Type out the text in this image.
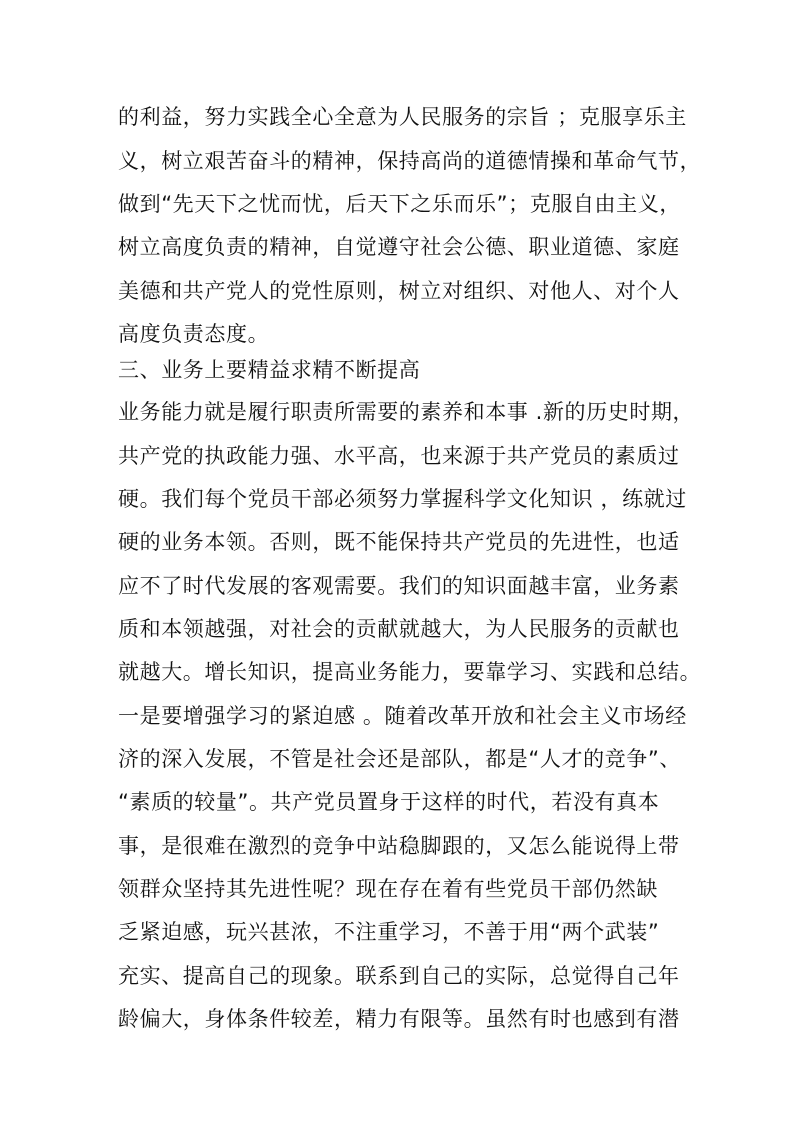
的利益，努力实践全心全意为人民服务的宗旨 ；克服享乐主
义，树立艰苦奋斗的精神，保持高尚的道德情操和革命气节，
做到“先天下之忧而忧，后天下之乐而乐”；克服自由主义，
树立高度负责的精神，自觉遵守社会公德、职业道德、家庭
美德和共产党人的党性原则，树立对组织、对他人、对个人
高度负责态度。
三、业务上要精益求精不断提高
业务能力就是履行职责所需要的素养和本事 .新的历史时期，
共产党的执政能力强、水平高，也来源于共产党员的素质过
硬。我们每个党员干部必须努力掌握科学文化知识 ，练就过
硬的业务本领。否则，既不能保持共产党员的先进性，也适
应不了时代发展的客观需要。我们的知识面越丰富，业务素
质和本领越强，对社会的贡献就越大，为人民服务的贡献也
就越大。增长知识，提高业务能力，要靠学习、实践和总结。
一是要增强学习的紧迫感 。随着改革开放和社会主义市场经
济的深入发展，不管是社会还是部队，都是“人才的竞争”、
“素质的较量”。共产党员置身于这样的时代，若没有真本
事，是很难在激烈的竞争中站稳脚跟的，又怎么能说得上带
领群众坚持其先进性呢？现在存在着有些党员干部仍然缺
乏紧迫感，玩兴甚浓，不注重学习，不善于用“两个武装”
充实、提高自己的现象。联系到自己的实际，总觉得自己年
龄偏大，身体条件较差，精力有限等。虽然有时也感到有潜
